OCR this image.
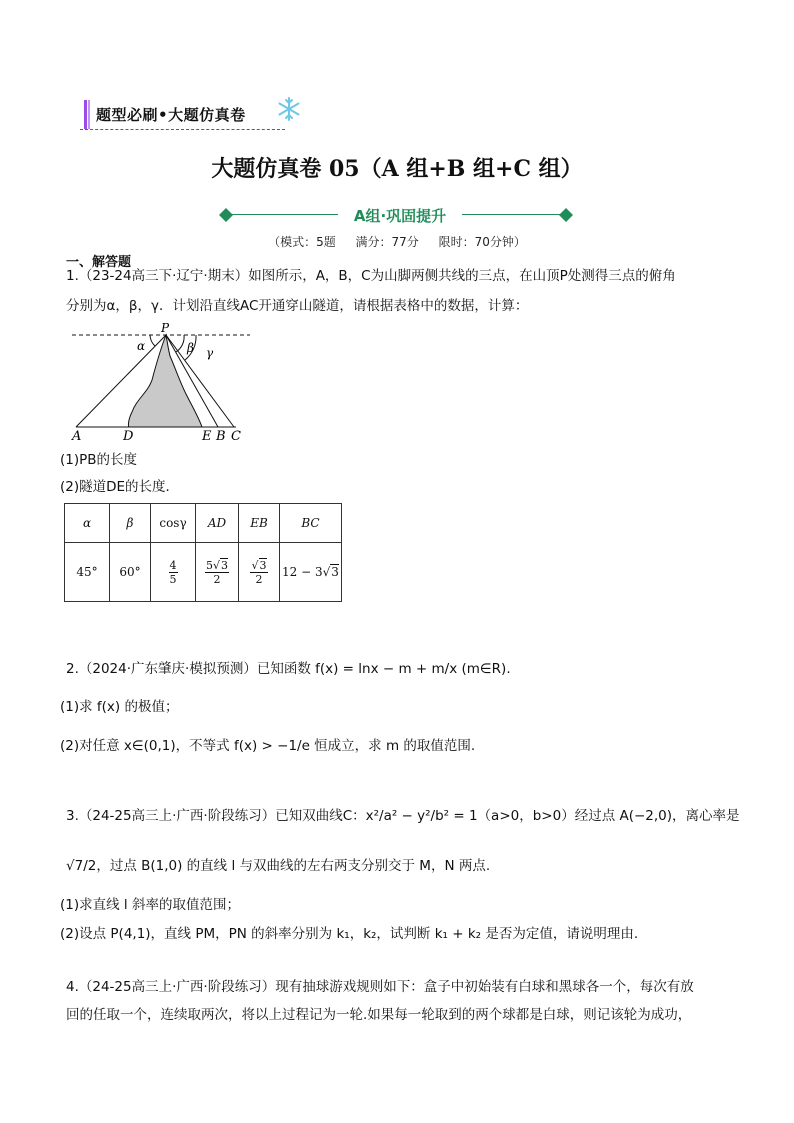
题型必刷•大题仿真卷
大题仿真卷 05（A 组+B 组+C 组）
A组·巩固提升
（模式：5题 满分：77分 限时：70分钟）
一、解答题
1.（23-24高三下·辽宁·期末）如图所示，A，B，C为山脚两侧共线的三点，在山顶P处测得三点的俯角
分别为α，β，γ．计划沿直线AC开通穿山隧道，请根据表格中的数据，计算：
P
α	β γ
A	D	E B C
(1)PB的长度
(2)隧道DE的长度．
α	β	cosγ	AD	EB	BC
45°	60°	$\frac{4}{5}$	$\frac{5√3}{2}$	$\frac{√3}{2}$	12 − 3√3
2.（2024·广东肇庆·模拟预测）已知函数 f(x) = lnx − m + m/x (m∈R).
(1)求 f(x) 的极值；
(2)对任意 x∈(0,1)，不等式 f(x) > −1/e 恒成立，求 m 的取值范围.
3.（24-25高三上·广西·阶段练习）已知双曲线C：x²/a² − y²/b² = 1（a>0，b>0）经过点 A(−2,0)，离心率是
√7/2，过点 B(1,0) 的直线 l 与双曲线的左右两支分别交于 M，N 两点.
(1)求直线 l 斜率的取值范围；
(2)设点 P(4,1)，直线 PM，PN 的斜率分别为 k₁，k₂，试判断 k₁ + k₂ 是否为定值，请说明理由.
4.（24-25高三上·广西·阶段练习）现有抽球游戏规则如下：盒子中初始装有白球和黑球各一个，每次有放
回的任取一个，连续取两次，将以上过程记为一轮.如果每一轮取到的两个球都是白球，则记该轮为成功，
